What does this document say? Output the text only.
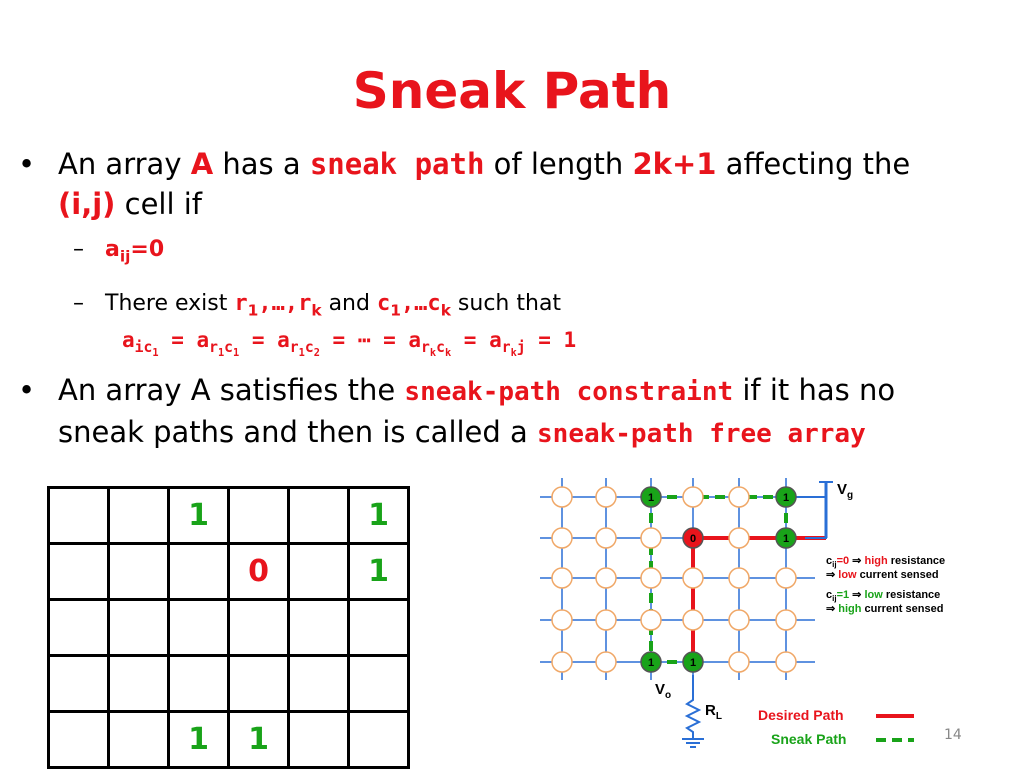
Sneak Path
• An array A has a sneak path of length 2k+1 affecting the
(i,j) cell if
– $a_{ij}=0$
– There exist $r_1,\dots,r_k$ and $c_1,\dots c_k$ such that
$a_{ic_1} = a_{r_1c_1} = a_{r_1c_2}$ = ⋯ = $a_{r_kc_k} = a_{r_kj} = 1$
• An array A satisfies the sneak-path constraint if it has no
sneak paths and then is called a sneak-path free array
		1			1
			0		1

		1	1		
$V_g$
1	1
0	1
1	1
$V_o$
$R_L$
$c_{ij}=0$ ⇒ high resistance
⇒ low current sensed
$c_{ij}=1$ ⇒ low resistance
⇒ high current sensed
Desired Path
Sneak Path	14
